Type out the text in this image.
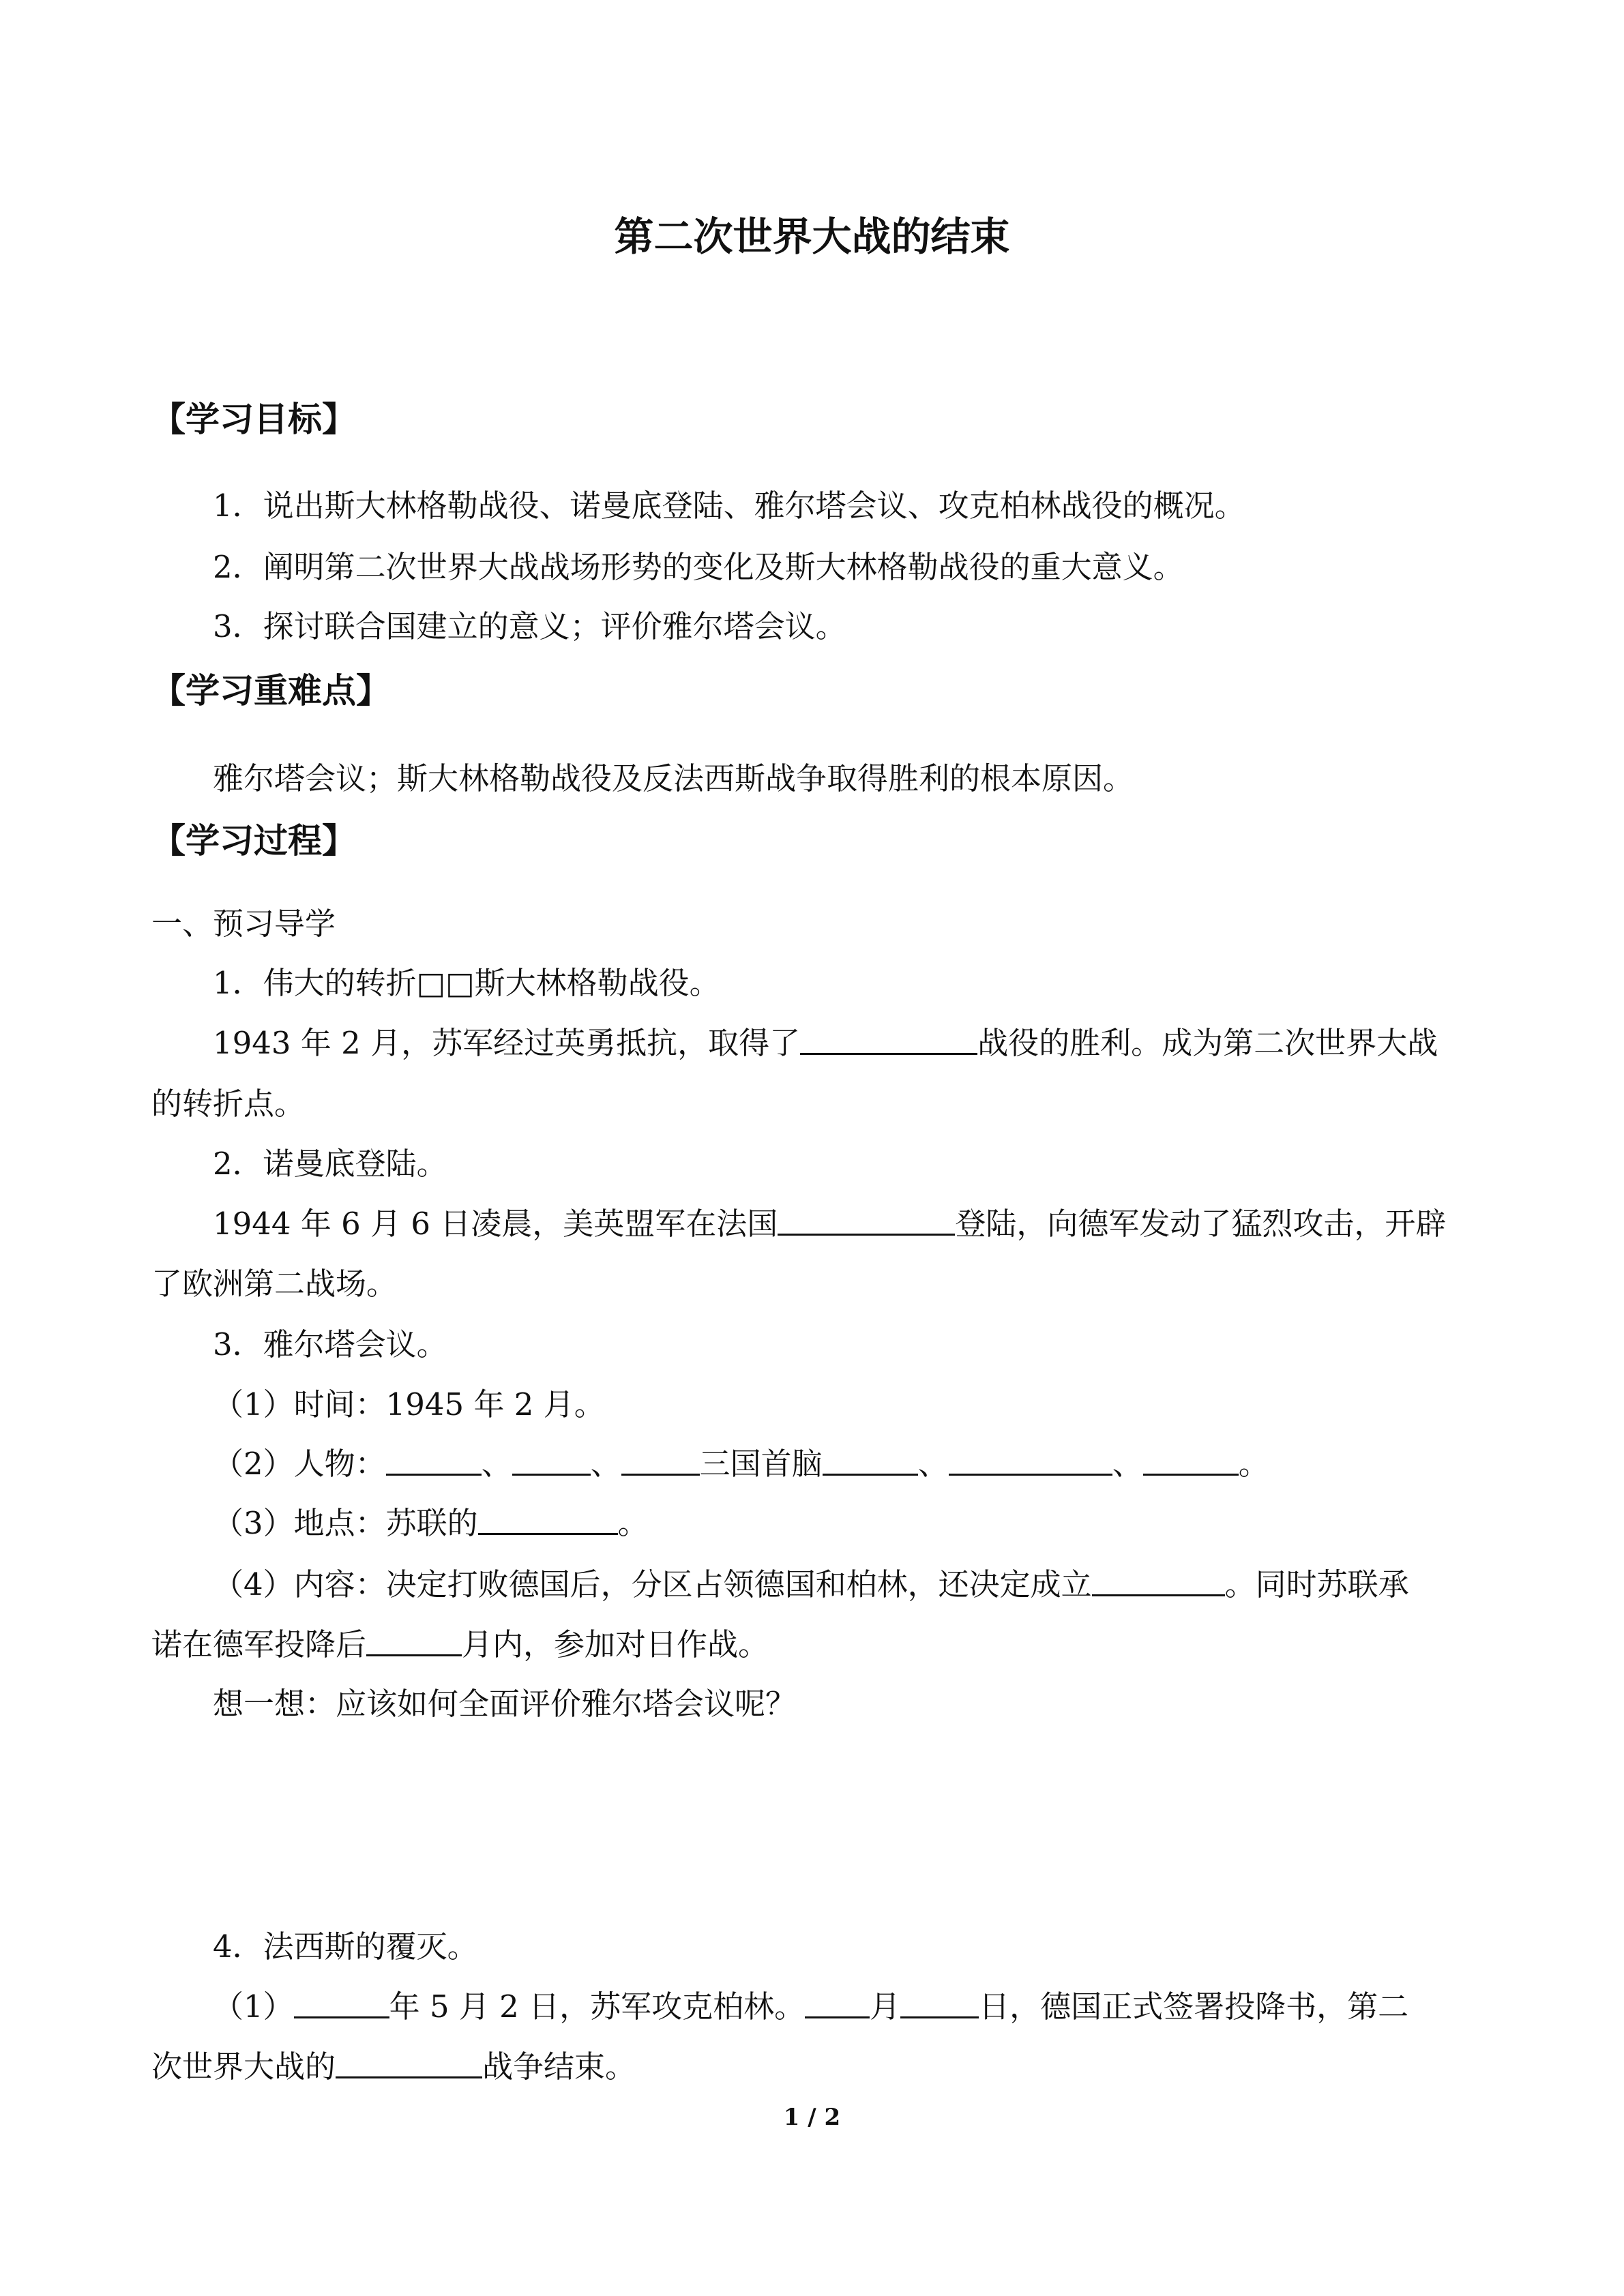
第二次世界大战的结束
【学习目标】
1．说出斯大林格勒战役、诺曼底登陆、雅尔塔会议、攻克柏林战役的概况。
2．阐明第二次世界大战战场形势的变化及斯大林格勒战役的重大意义。
3．探讨联合国建立的意义；评价雅尔塔会议。
【学习重难点】
雅尔塔会议；斯大林格勒战役及反法西斯战争取得胜利的根本原因。
【学习过程】
一、预习导学
1．伟大的转折□□斯大林格勒战役。
1943 年 2 月，苏军经过英勇抵抗，取得了	战役的胜利。成为第二次世界大战
的转折点。
2．诺曼底登陆。
1944 年 6 月 6 日凌晨，美英盟军在法国	登陆，向德军发动了猛烈攻击，开辟
了欧洲第二战场。
3．雅尔塔会议。
（1）时间：1945 年 2 月。
（2）人物：	、	、	三国首脑	、	、	。
（3）地点：苏联的	。
（4）内容：决定打败德国后，分区占领德国和柏林，还决定成立	。同时苏联承
诺在德军投降后	月内，参加对日作战。
想一想：应该如何全面评价雅尔塔会议呢？
4．法西斯的覆灭。
（1）	年 5 月 2 日，苏军攻克柏林。 月	日，德国正式签署投降书，第二
次世界大战的	战争结束。
1 / 2
